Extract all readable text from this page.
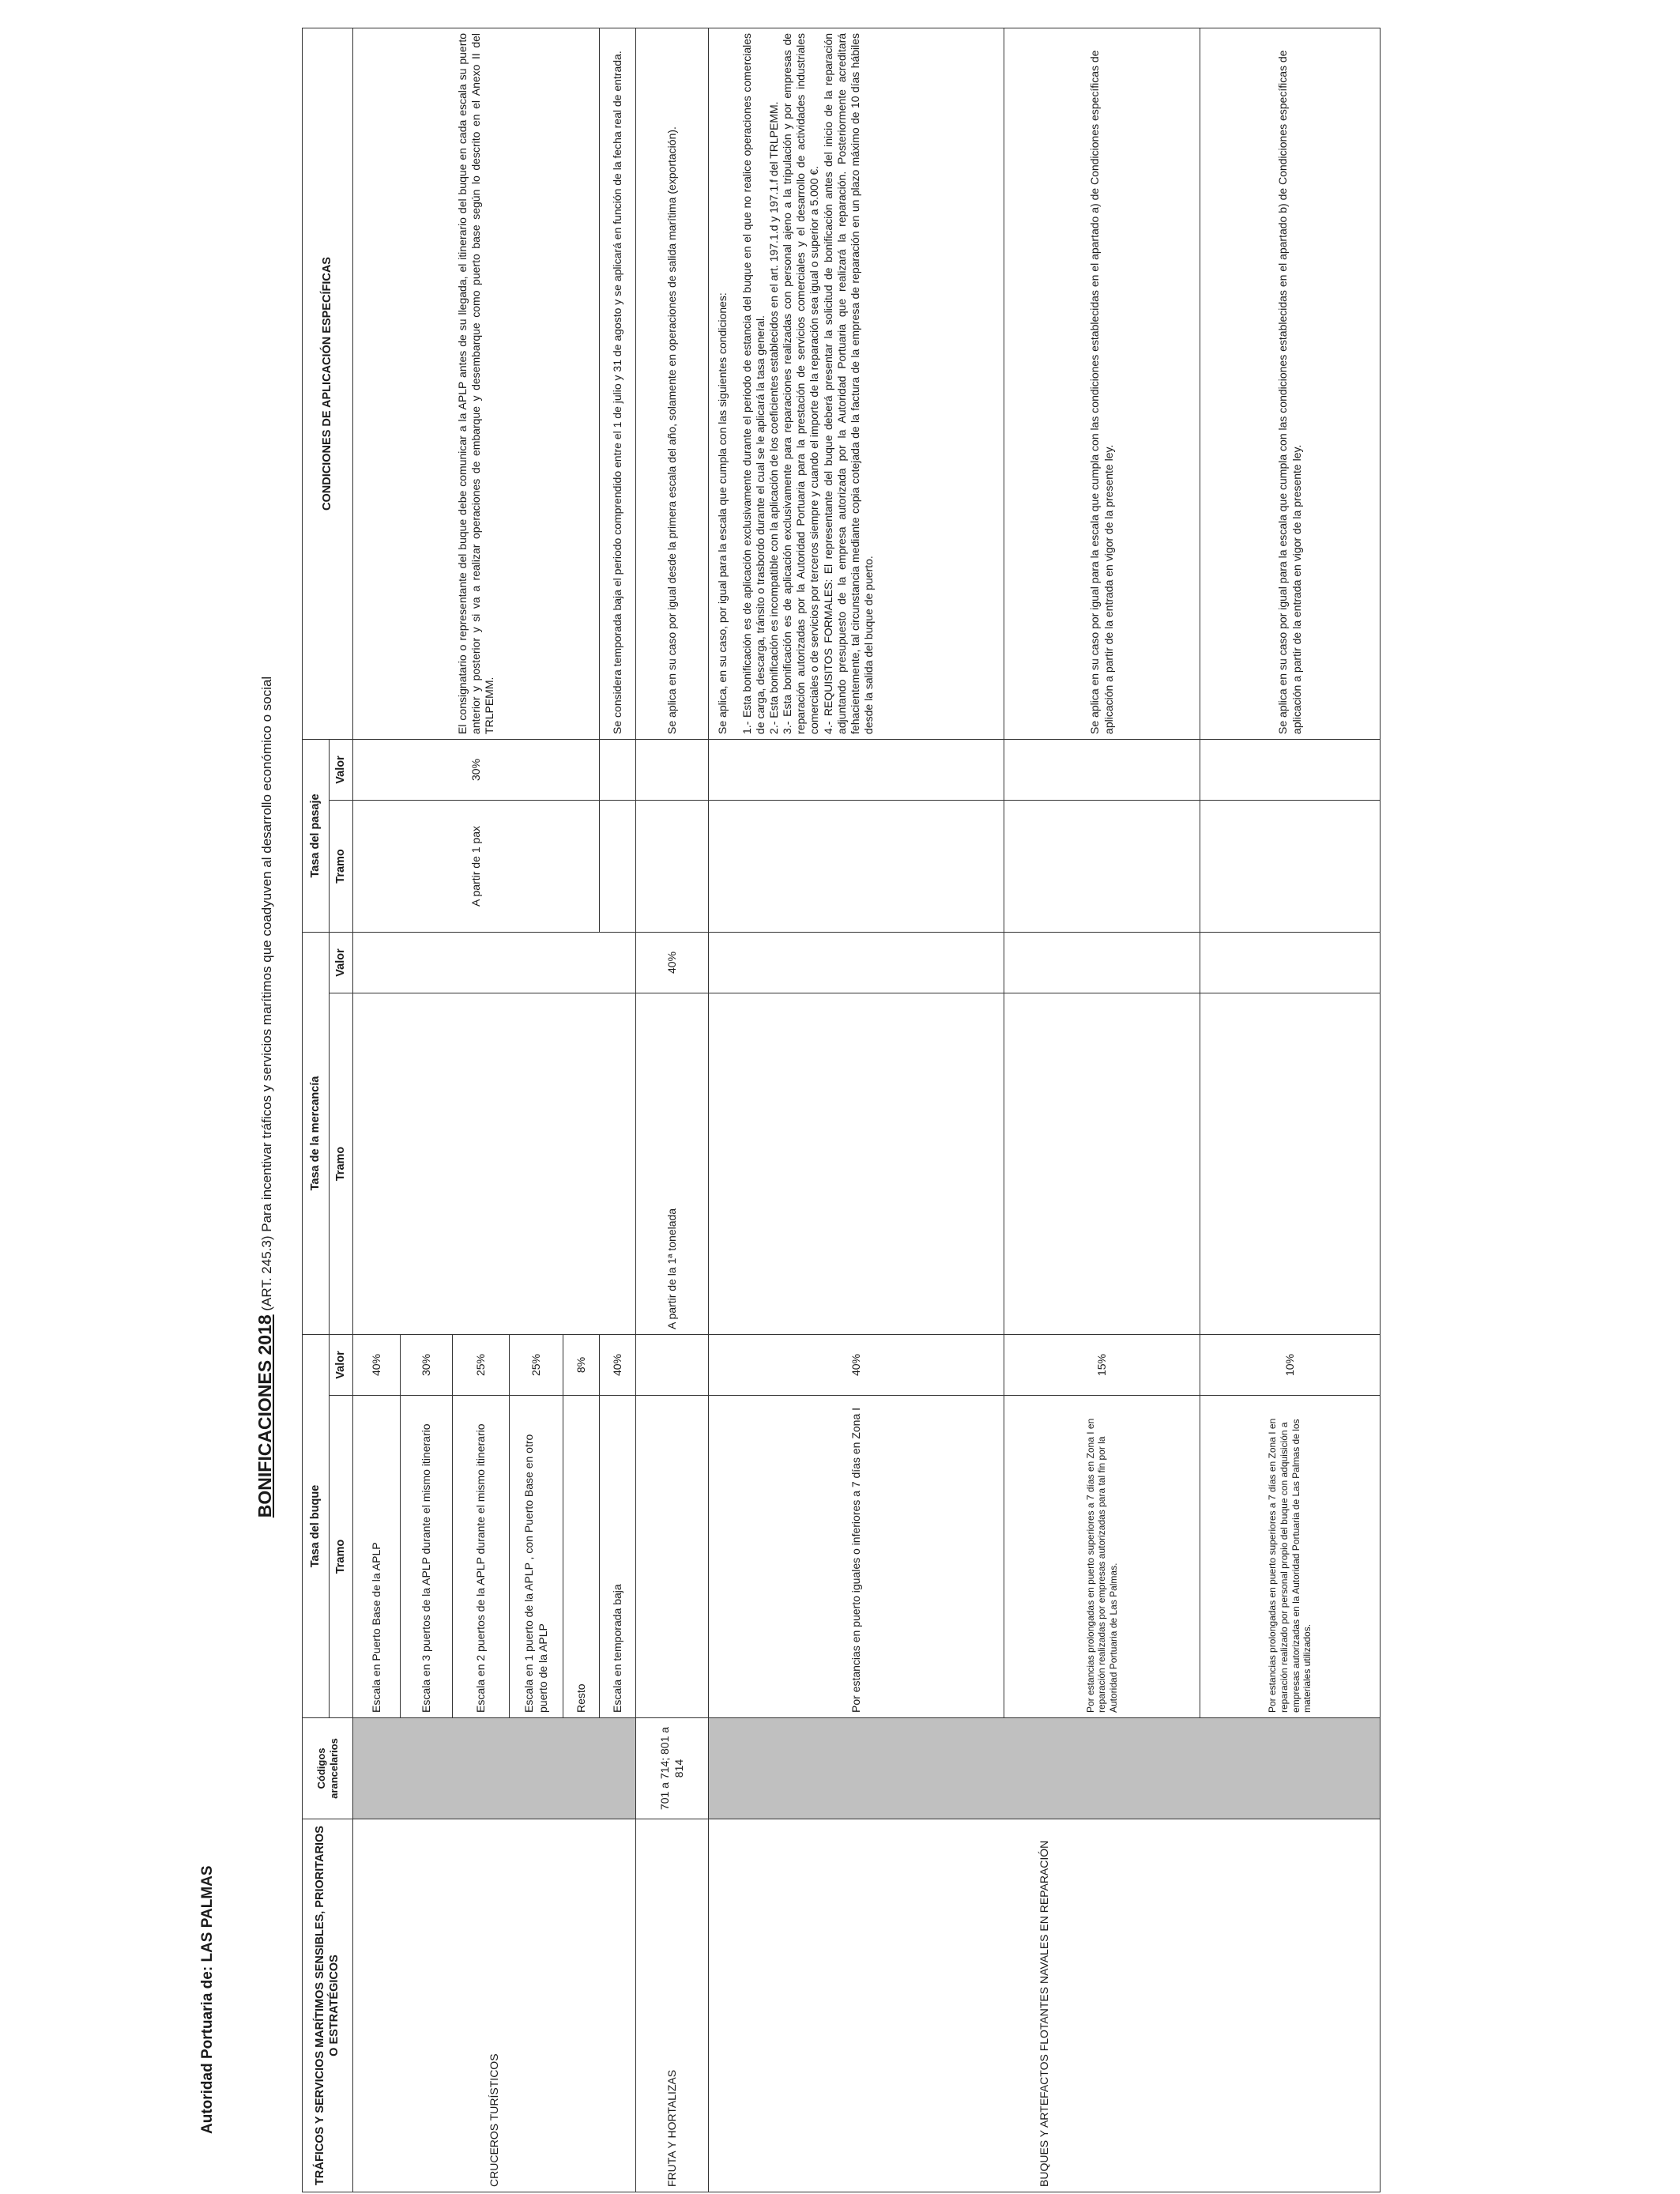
Autoridad Portuaria de: LAS PALMAS
BONIFICACIONES 2018 (ART. 245.3) Para incentivar tráficos y servicios marítimos que coadyuven al desarrollo económico o social
TRÁFICOS Y SERVICIOS MARÍTIMOS SENSIBLES, PRIORITARIOS O ESTRATÉGICOS	Códigos arancelarios	Tasa del buque		Tasa de la mercancía		Tasa del pasaje		CONDICIONES DE APLICACIÓN ESPECÍFICAS
		Tramo	Valor	Tramo	Valor	Tramo	Valor	
CRUCEROS TURÍSTICOS		Escala en Puerto Base de la APLP	40%			A partir de 1 pax	30%	El consignatario o representante del buque debe comunicar a la APLP antes de su llegada, el itinerario del buque en cada escala su puerto anterior y posterior y si va a realizar operaciones de embarque y desembarque como puerto base según lo descrito en el Anexo II del TRLPEMM.
		Escala en 3 puertos de la APLP durante el mismo itinerario	30%					
		Escala en 2 puertos de la APLP durante el mismo itinerario	25%					
		Escala en 1 puerto de la APLP , con Puerto Base en otro puerto de la APLP	25%					
		Resto	8%					
		Escala en temporada baja	40%					Se considera temporada baja el periodo comprendido entre el 1 de julio y 31 de agosto y se aplicará en función de la fecha real de entrada.
FRUTA Y HORTALIZAS	701 a 714; 801 a 814			A partir de la 1ª tonelada	40%			Se aplica en su caso por igual desde la primera escala del año, solamente en operaciones de salida marítima (exportación).
BUQUES Y ARTEFACTOS FLOTANTES NAVALES EN REPARACIÓN		Por estancias en puerto iguales o inferiores a 7 días en Zona I	40%					Se aplica, en su caso, por igual para la escala que cumpla con las siguientes condiciones: 1.- Esta bonificación es de aplicación exclusivamente durante el periodo de estancia del buque en el que no realice operaciones comerciales de carga, descarga, tránsito o trasbordo durante el cual se le aplicará la tasa general. 2.- Esta bonificación es incompatible con la aplicación de los coeficientes establecidos en el art. 197.1.d y 197.1.f del TRLPEMM. 3.- Esta bonificación es de aplicación exclusivamente para reparaciones realizadas con personal ajeno a la tripulación y por empresas de reparación autorizadas por la Autoridad Portuaria para la prestación de servicios comerciales y el desarrollo de actividades industriales comerciales o de servicios por terceros siempre y cuando el importe de la reparación sea igual o superior a 5.000 €. 4.- REQUISITOS FORMALES: El representante del buque deberá presentar la solicitud de bonificación antes del inicio de la reparación adjuntando presupuesto de la empresa autorizada por la Autoridad Portuaria que realizará la reparación. Posteriormente acreditará fehacientemente, tal circunstancia mediante copia cotejada de la factura de la empresa de reparación en un plazo máximo de 10 días hábiles desde la salida del buque de puerto.

		Por estancias prolongadas en puerto superiores a 7 días en Zona I en reparación realizadas por empresas autorizadas para tal fin por la Autoridad Portuaria de Las Palmas.	15%					Se aplica en su caso por igual para la escala que cumpla con las condiciones establecidas en el apartado a) de Condiciones específicas de aplicación a partir de la entrada en vigor de la presente ley.
		Por estancias prolongadas en puerto superiores a 7 días en Zona I en reparación realizado por personal propio del buque con adquisición a empresas autorizadas en la Autoridad Portuaria de Las Palmas de los materiales utilizados.	10%					Se aplica en su caso por igual para la escala que cumpla con las condiciones establecidas en el apartado b) de Condiciones específicas de aplicación a partir de la entrada en vigor de la presente ley.
